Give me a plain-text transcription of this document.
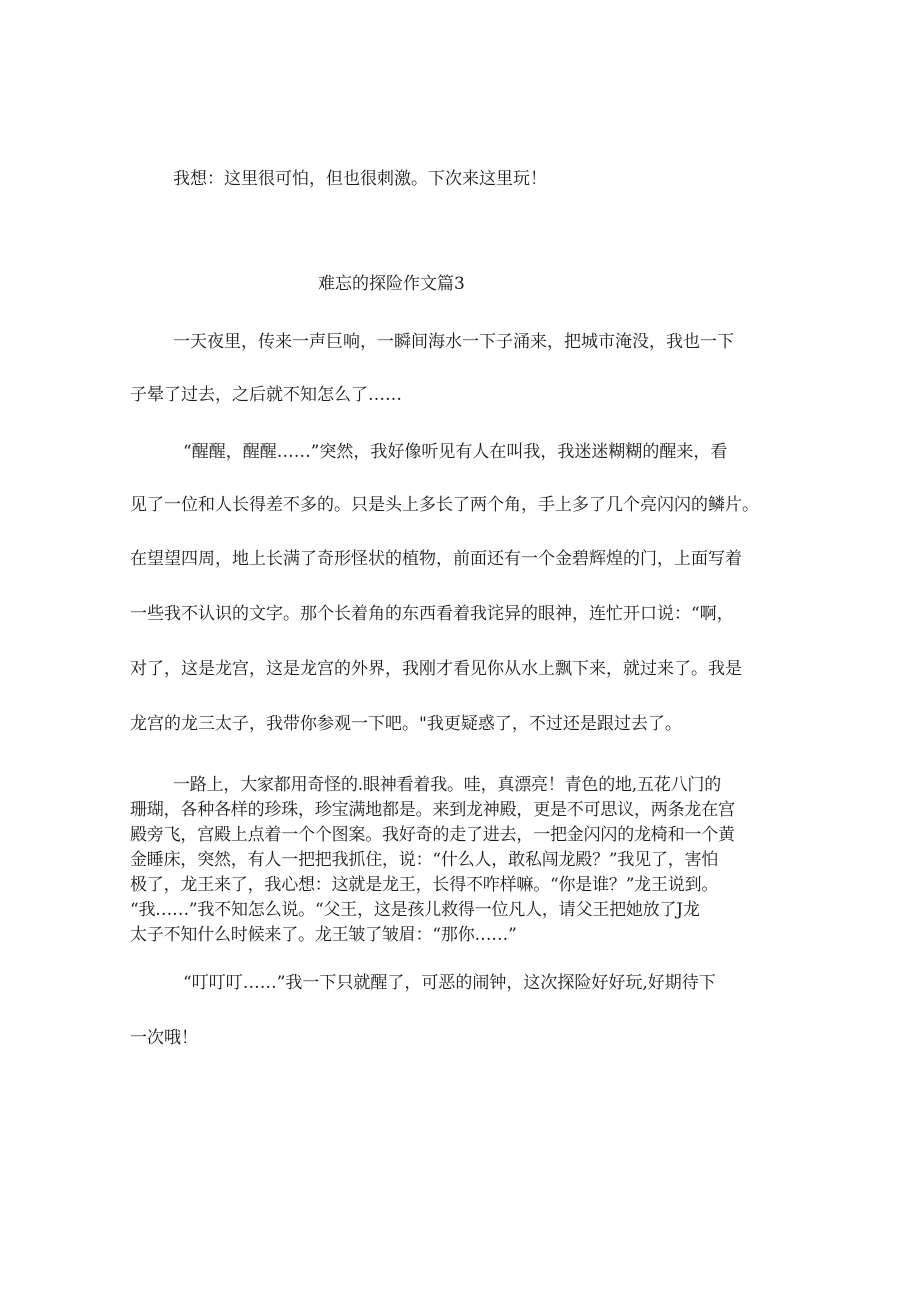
我想：这里很可怕，但也很刺激。下次来这里玩！

难忘的探险作文篇3

一天夜里，传来一声巨响，一瞬间海水一下子涌来，把城市淹没，我也一下

子晕了过去，之后就不知怎么了……

“醒醒，醒醒……”突然，我好像听见有人在叫我，我迷迷糊糊的醒来，看

见了一位和人长得差不多的。只是头上多长了两个角，手上多了几个亮闪闪的鳞片。

在望望四周，地上长满了奇形怪状的植物，前面还有一个金碧辉煌的门，上面写着

一些我不认识的文字。那个长着角的东西看着我诧异的眼神，连忙开口说：“啊，

对了，这是龙宫，这是龙宫的外界，我刚才看见你从水上飘下来，就过来了。我是

龙宫的龙三太子，我带你参观一下吧。"我更疑惑了，不过还是跟过去了。

一路上，大家都用奇怪的.眼神看着我。哇，真漂亮！青色的地,五花八门的

珊瑚，各种各样的珍珠，珍宝满地都是。来到龙神殿，更是不可思议，两条龙在宫

殿旁飞，宫殿上点着一个个图案。我好奇的走了进去，一把金闪闪的龙椅和一个黄

金睡床，突然，有人一把把我抓住，说：“什么人，敢私闯龙殿？”我见了，害怕

极了，龙王来了，我心想：这就是龙王，长得不咋样嘛。“你是谁？”龙王说到。

“我……”我不知怎么说。“父王，这是孩儿救得一位凡人，请父王把她放了J龙

太子不知什么时候来了。龙王皱了皱眉：“那你……”

“叮叮叮……”我一下只就醒了，可恶的闹钟，这次探险好好玩,好期待下

一次哦！
